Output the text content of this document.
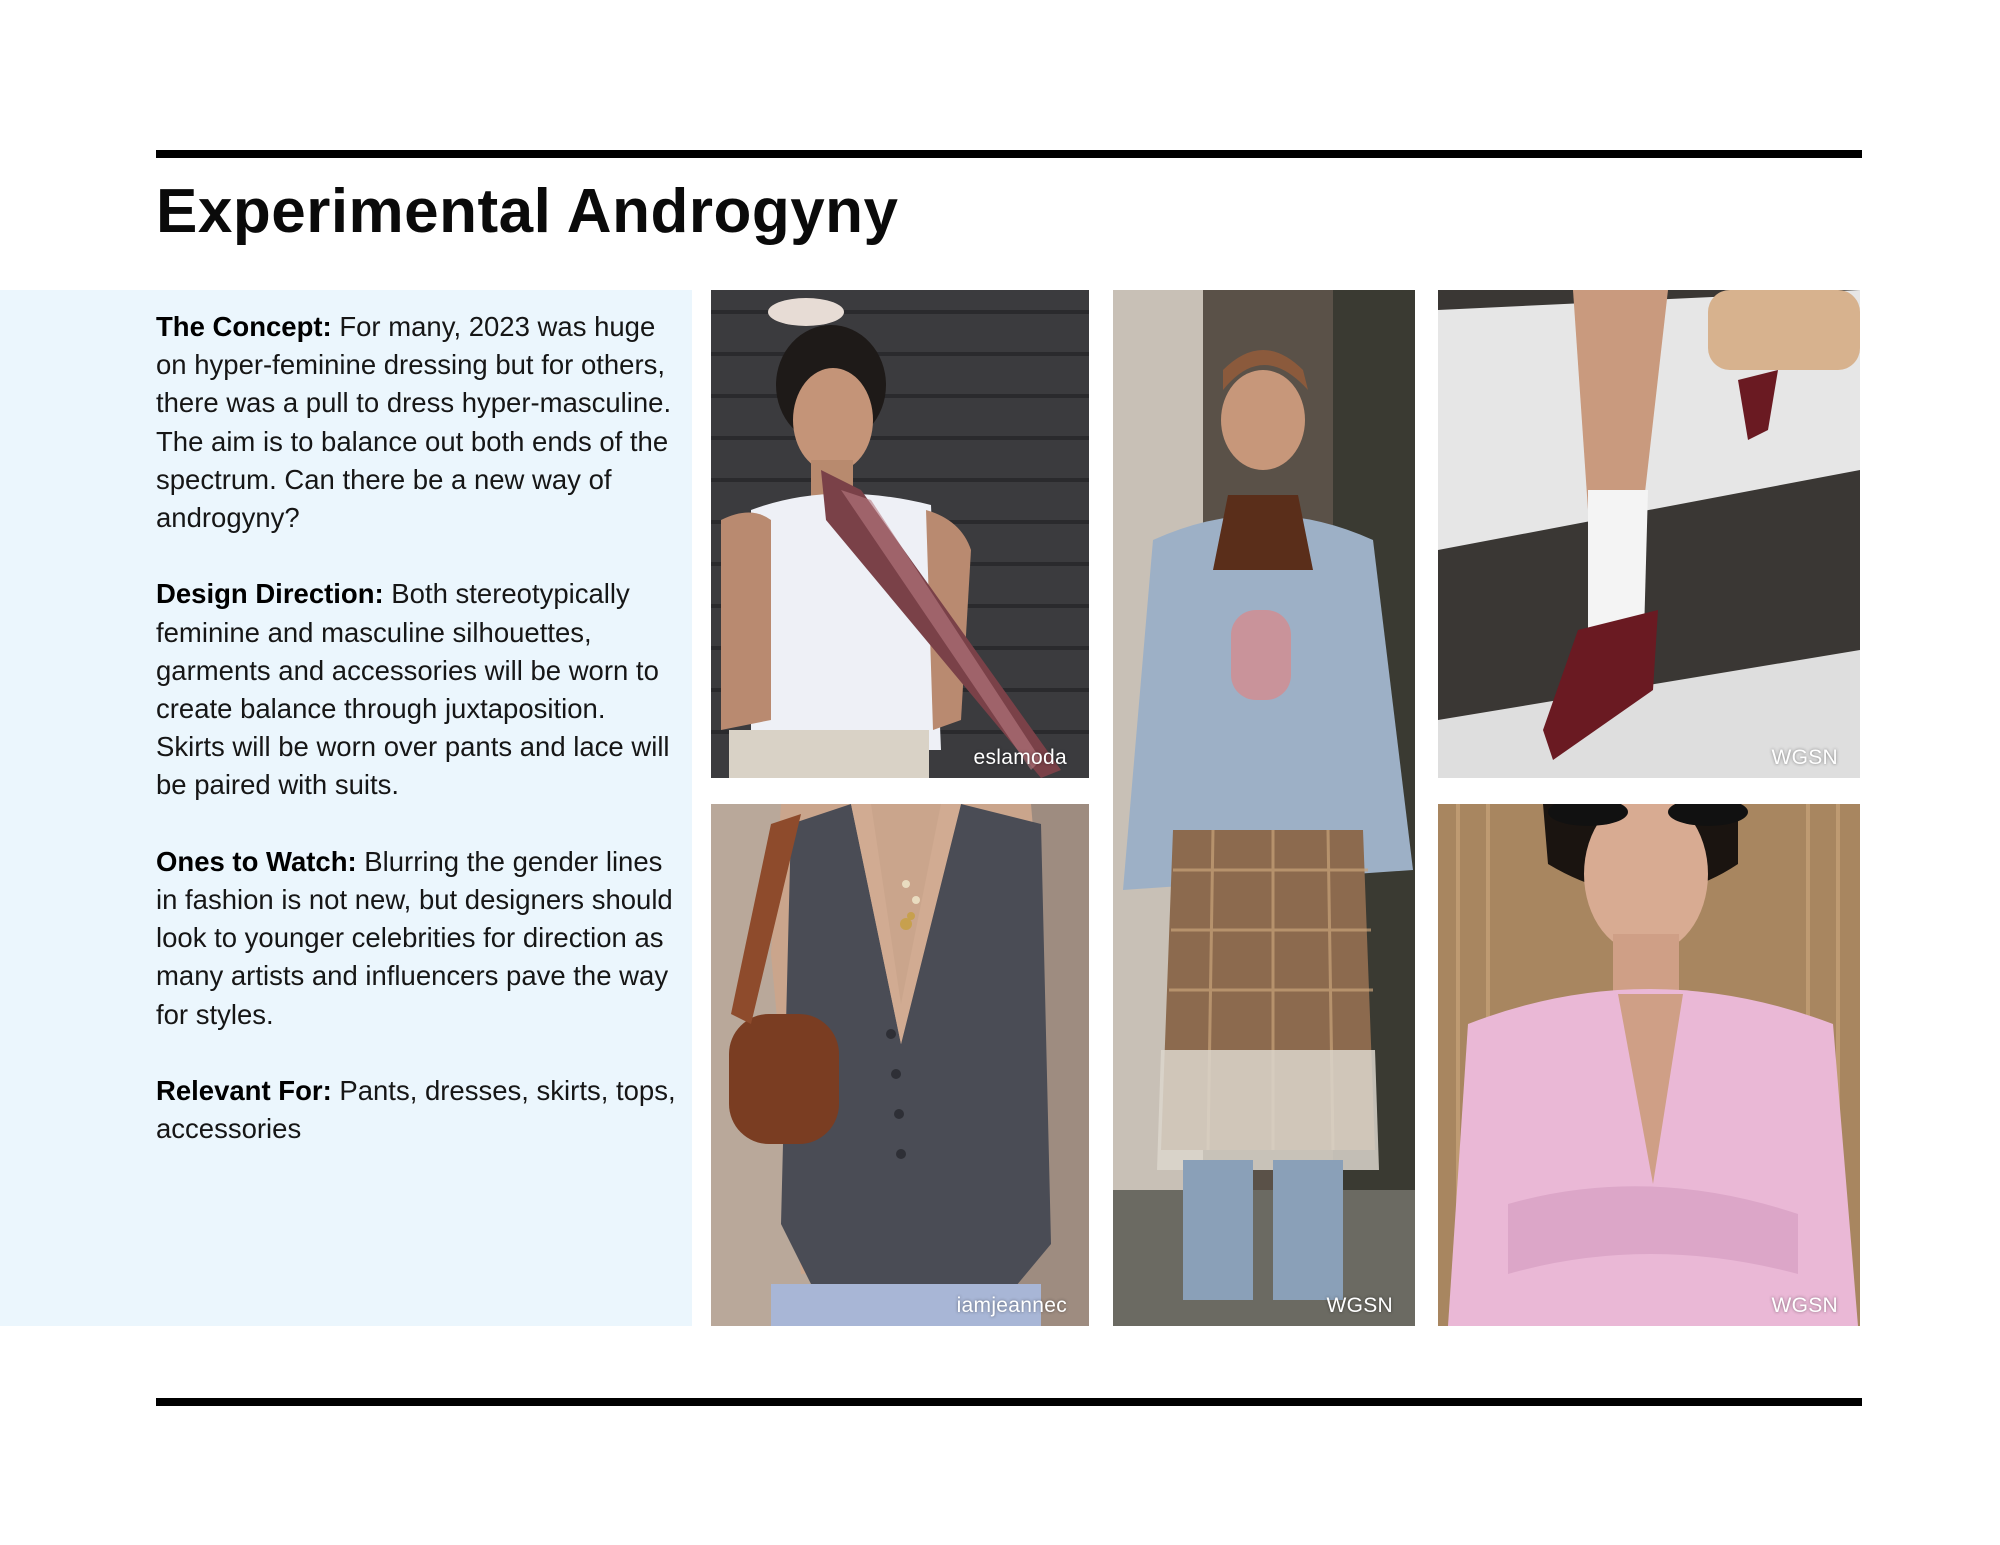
Experimental Androgyny

The Concept: For many, 2023 was huge on hyper-feminine dressing but for others, there was a pull to dress hyper-masculine. The aim is to balance out both ends of the spectrum. Can there be a new way of androgyny?

Design Direction: Both stereotypically feminine and masculine silhouettes, garments and accessories will be worn to create balance through juxtaposition. Skirts will be worn over pants and lace will be paired with suits.

Ones to Watch: Blurring the gender lines in fashion is not new, but designers should look to younger celebrities for direction as many artists and influencers pave the way for styles.

Relevant For: Pants, dresses, skirts, tops, accessories

eslamoda
iamjeannec	WGSN
WGSN
WGSN
